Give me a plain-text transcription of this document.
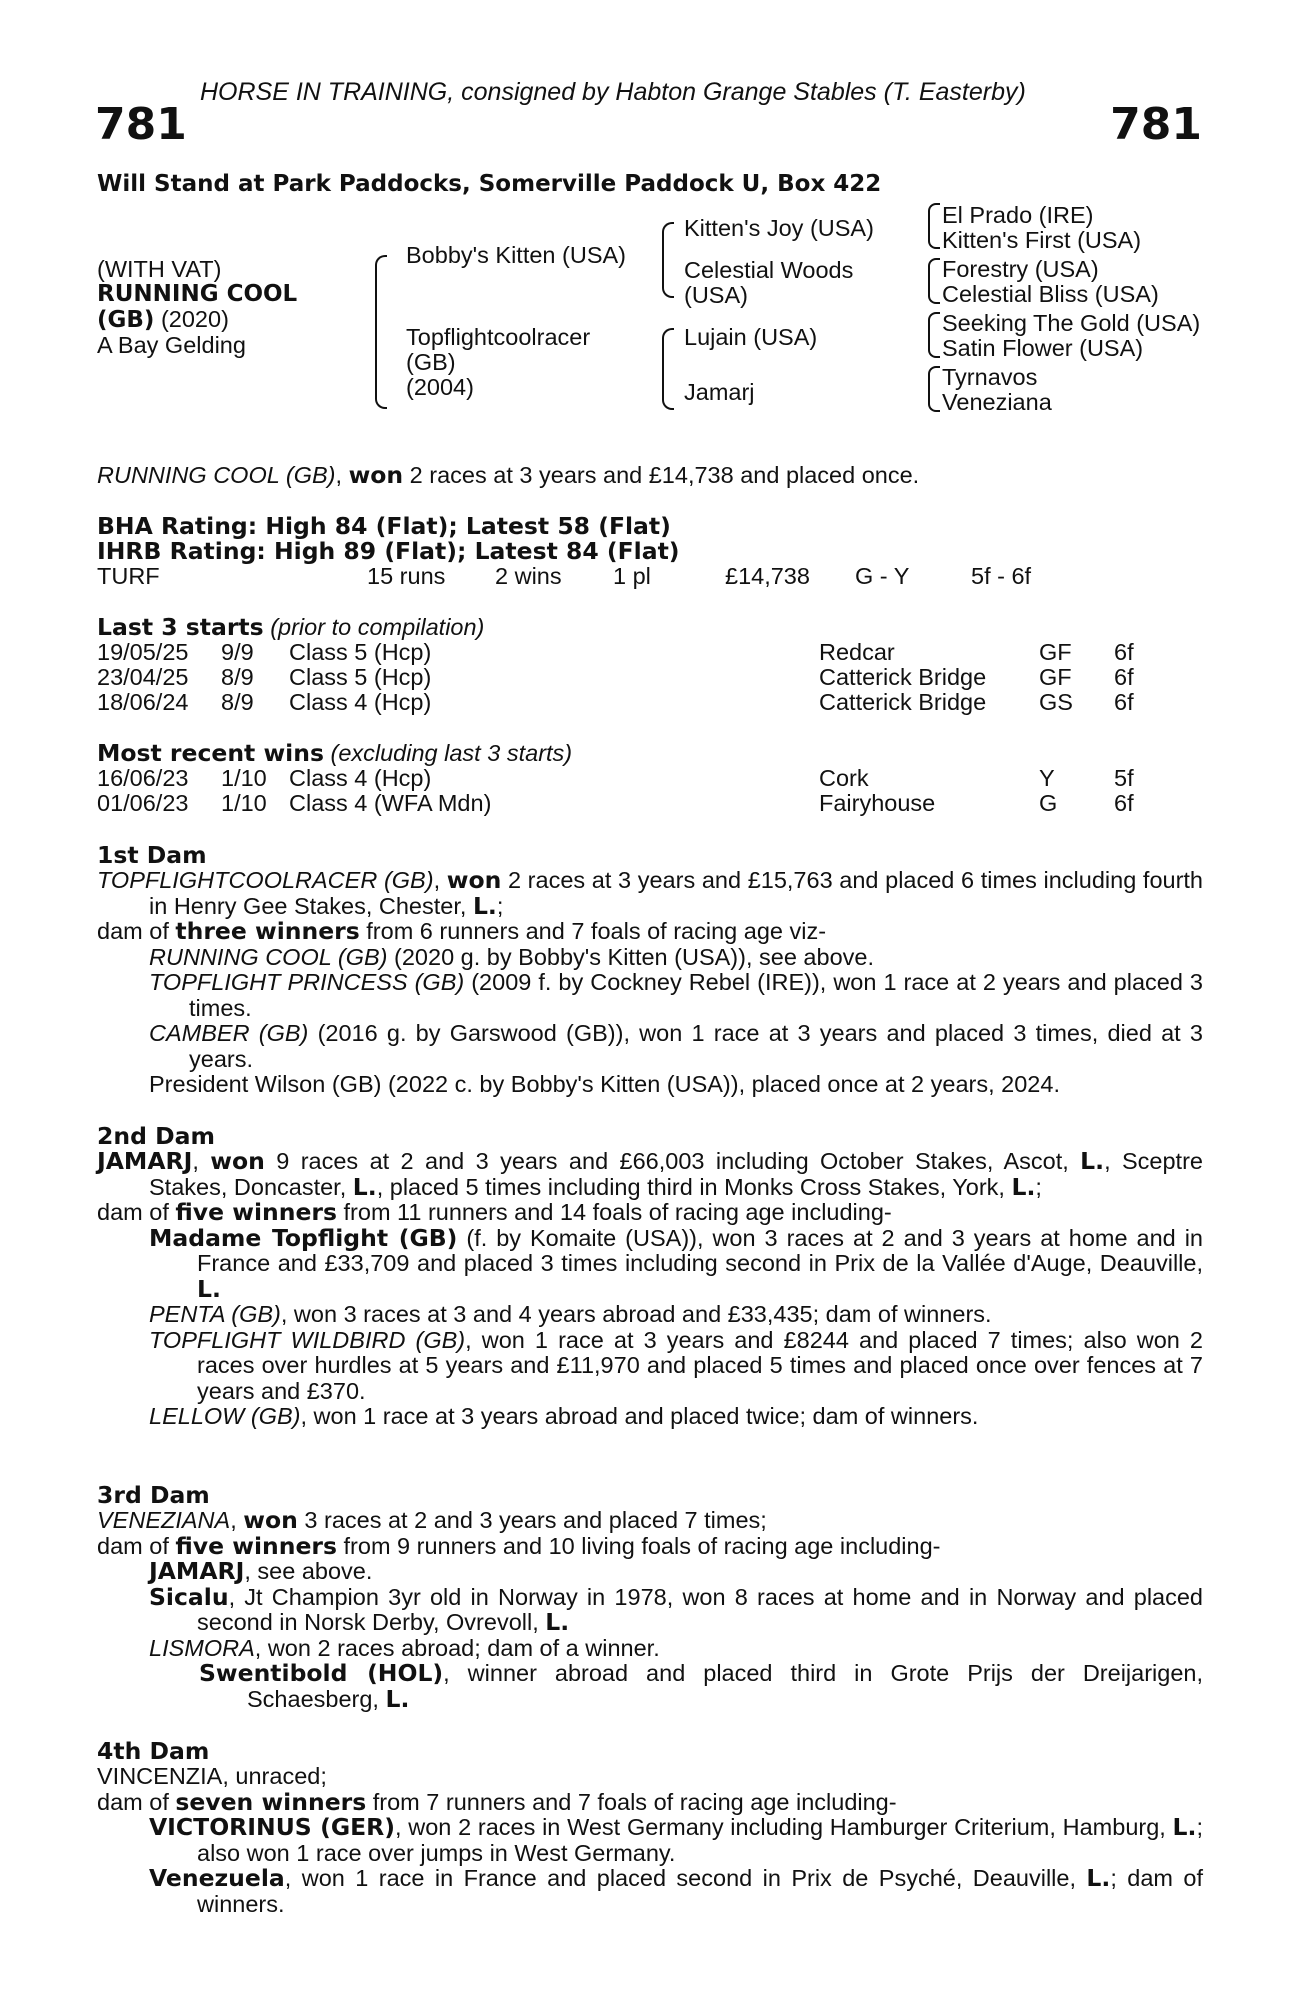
HORSE IN TRAINING, consigned by Habton Grange Stables (T. Easterby)
781	781
Will Stand at Park Paddocks, Somerville Paddock U, Box 422
(WITH VAT)
RUNNING COOL
(GB) (2020)
A Bay Gelding
Bobby's Kitten (USA)
Topflightcoolracer
(GB)
(2004)
Kitten's Joy (USA)
Celestial Woods
(USA)
Lujain (USA)
Jamarj
El Prado (IRE)
Kitten's First (USA)
Forestry (USA)
Celestial Bliss (USA)
Seeking The Gold (USA)
Satin Flower (USA)
Tyrnavos
Veneziana
RUNNING COOL (GB), won 2 races at 3 years and £14,738 and placed once.
BHA Rating: High 84 (Flat); Latest 58 (Flat)
IHRB Rating: High 89 (Flat); Latest 84 (Flat)
TURF	15 runs 2 wins 1 pl	£14,738 G - Y	5f - 6f
Last 3 starts (prior to compilation)
19/05/25 9/9 Class 5 (Hcp)	Redcar	GF 6f
23/04/25 8/9 Class 5 (Hcp)	Catterick Bridge GF 6f
18/06/24 8/9 Class 4 (Hcp)	Catterick Bridge GS 6f
Most recent wins (excluding last 3 starts)
16/06/23 1/10 Class 4 (Hcp)	Cork	Y	5f
01/06/23 1/10 Class 4 (WFA Mdn)	Fairyhouse	G 6f
1st Dam
TOPFLIGHTCOOLRACER (GB), won 2 races at 3 years and £15,763 and placed 6 times including fourth in Henry Gee Stakes, Chester, L.;
dam of three winners from 6 runners and 7 foals of racing age viz-
RUNNING COOL (GB) (2020 g. by Bobby's Kitten (USA)), see above.
TOPFLIGHT PRINCESS (GB) (2009 f. by Cockney Rebel (IRE)), won 1 race at 2 years and placed 3 times.
CAMBER (GB) (2016 g. by Garswood (GB)), won 1 race at 3 years and placed 3 times, died at 3 years.
President Wilson (GB) (2022 c. by Bobby's Kitten (USA)), placed once at 2 years, 2024.
2nd Dam
JAMARJ, won 9 races at 2 and 3 years and £66,003 including October Stakes, Ascot, L., Sceptre Stakes, Doncaster, L., placed 5 times including third in Monks Cross Stakes, York, L.;
dam of five winners from 11 runners and 14 foals of racing age including-
Madame Topflight (GB) (f. by Komaite (USA)), won 3 races at 2 and 3 years at home and in France and £33,709 and placed 3 times including second in Prix de la Vallée d'Auge, Deauville, L.
PENTA (GB), won 3 races at 3 and 4 years abroad and £33,435; dam of winners.
TOPFLIGHT WILDBIRD (GB), won 1 race at 3 years and £8244 and placed 7 times; also won 2 races over hurdles at 5 years and £11,970 and placed 5 times and placed once over fences at 7 years and £370.
LELLOW (GB), won 1 race at 3 years abroad and placed twice; dam of winners.
3rd Dam
VENEZIANA, won 3 races at 2 and 3 years and placed 7 times;
dam of five winners from 9 runners and 10 living foals of racing age including-
JAMARJ, see above.
Sicalu, Jt Champion 3yr old in Norway in 1978, won 8 races at home and in Norway and placed second in Norsk Derby, Ovrevoll, L.
LISMORA, won 2 races abroad; dam of a winner.
Swentibold (HOL), winner abroad and placed third in Grote Prijs der Dreijarigen, Schaesberg, L.
4th Dam
VINCENZIA, unraced;
dam of seven winners from 7 runners and 7 foals of racing age including-
VICTORINUS (GER), won 2 races in West Germany including Hamburger Criterium, Hamburg, L.; also won 1 race over jumps in West Germany.
Venezuela, won 1 race in France and placed second in Prix de Psyché, Deauville, L.; dam of winners.
